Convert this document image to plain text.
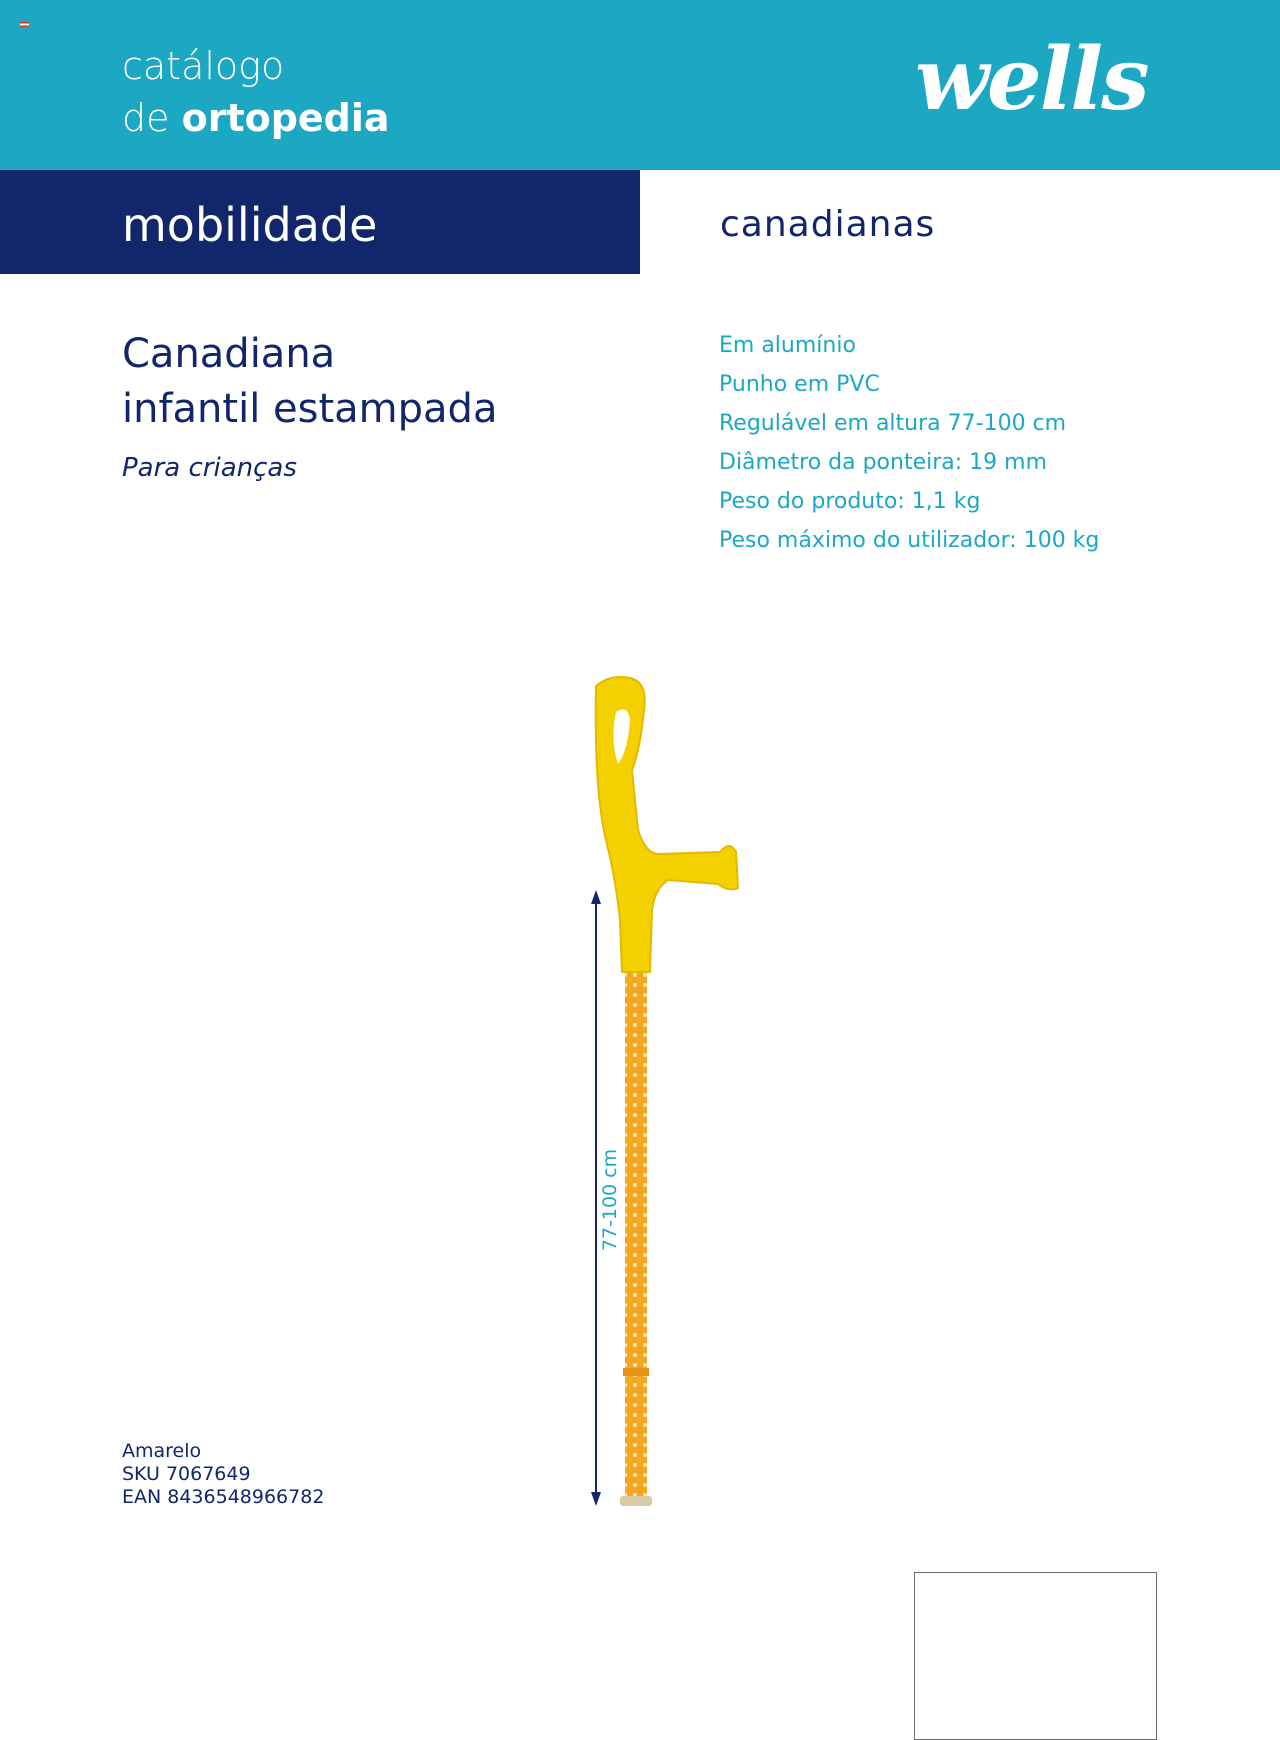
catálogo
de ortopedia	wells
mobilidade	canadianas
Canadiana
infantil estampada
Para crianças
Em alumínio
Punho em PVC
Regulável em altura 77-100 cm
Diâmetro da ponteira: 19 mm
Peso do produto: 1,1 kg
Peso máximo do utilizador: 100 kg
77-100 cm
Amarelo
SKU 7067649
EAN 8436548966782
